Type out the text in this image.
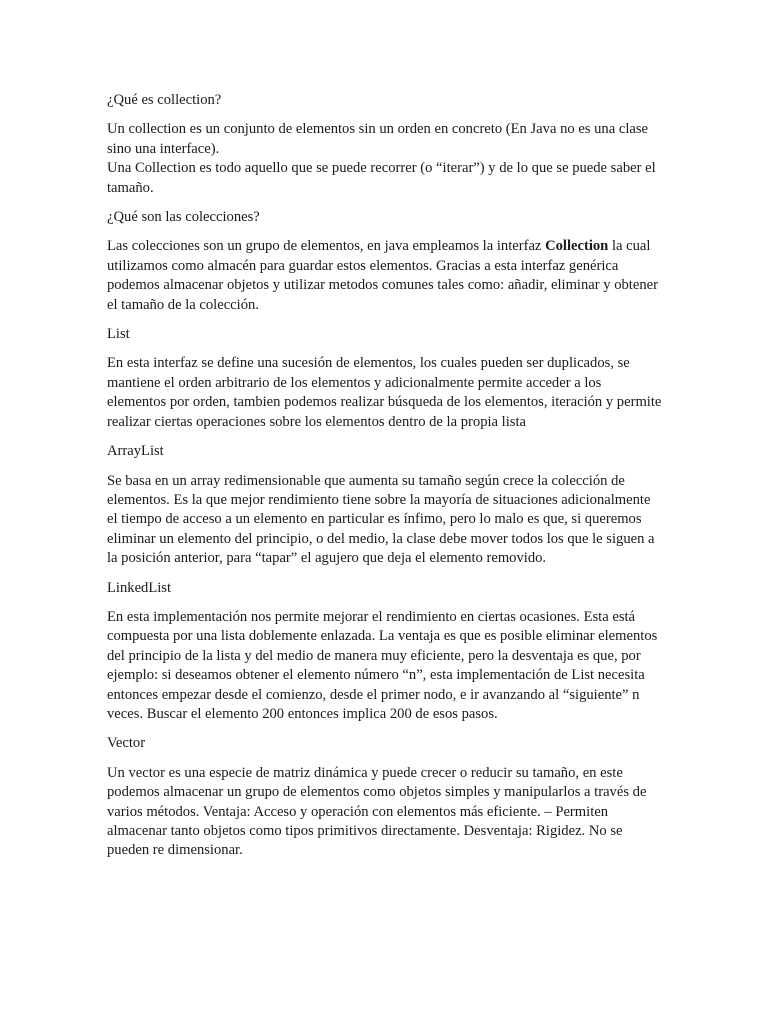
¿Qué es collection?

Un collection es un conjunto de elementos sin un orden en concreto (En Java no es una clase sino una interface).
Una Collection es todo aquello que se puede recorrer (o “iterar”) y de lo que se puede saber el tamaño.

¿Qué son las colecciones?

Las colecciones son un grupo de elementos, en java empleamos la interfaz Collection la cual utilizamos como almacén para guardar estos elementos. Gracias a esta interfaz genérica podemos almacenar objetos y utilizar metodos comunes tales como: añadir, eliminar y obtener el tamaño de la colección.

List

En esta interfaz se define una sucesión de elementos, los cuales pueden ser duplicados, se mantiene el orden arbitrario de los elementos y adicionalmente permite acceder a los elementos por orden, tambien podemos realizar búsqueda de los elementos, iteración y permite realizar ciertas operaciones sobre los elementos dentro de la propia lista

ArrayList

Se basa en un array redimensionable que aumenta su tamaño según crece la colección de elementos. Es la que mejor rendimiento tiene sobre la mayoría de situaciones adicionalmente el tiempo de acceso a un elemento en particular es ínfimo, pero lo malo es que, si queremos eliminar un elemento del principio, o del medio, la clase debe mover todos los que le siguen a la posición anterior, para “tapar” el agujero que deja el elemento removido.

LinkedList

En esta implementación nos permite mejorar el rendimiento en ciertas ocasiones. Esta está compuesta por una lista doblemente enlazada. La ventaja es que es posible eliminar elementos del principio de la lista y del medio de manera muy eficiente, pero la desventaja es que, por ejemplo: si deseamos obtener el elemento número “n”, esta implementación de List necesita entonces empezar desde el comienzo, desde el primer nodo, e ir avanzando al “siguiente” n veces. Buscar el elemento 200 entonces implica 200 de esos pasos.

Vector

Un vector es una especie de matriz dinámica y puede crecer o reducir su tamaño, en este podemos almacenar un grupo de elementos como objetos simples y manipularlos a través de varios métodos. Ventaja: Acceso y operación con elementos más eficiente. – Permiten almacenar tanto objetos como tipos primitivos directamente. Desventaja: Rigidez. No se pueden re dimensionar.
